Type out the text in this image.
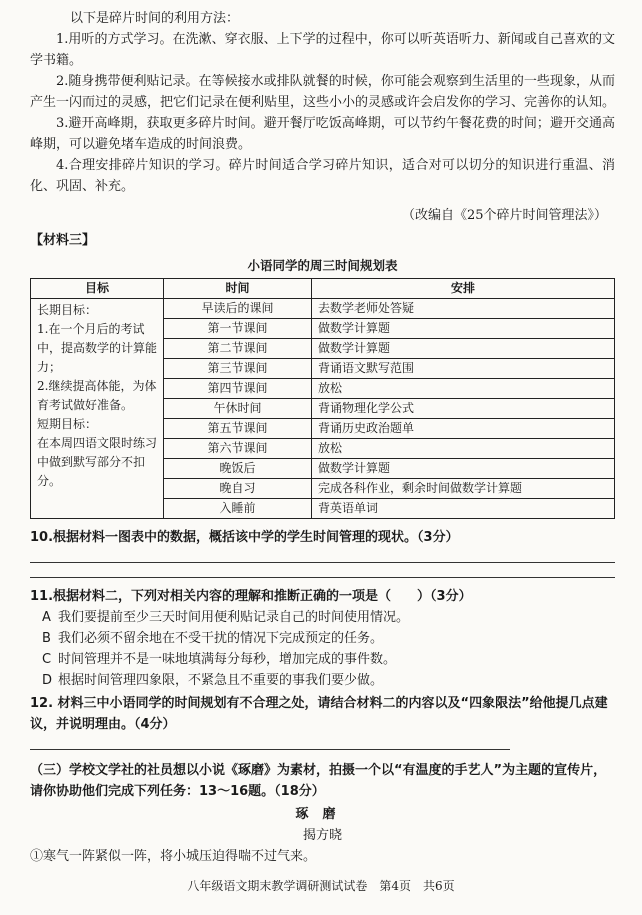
以下是碎片时间的利用方法：

1.用听的方式学习。在洗漱、穿衣服、上下学的过程中，你可以听英语听力、新闻或自己喜欢的文学书籍。

2.随身携带便利贴记录。在等候接水或排队就餐的时候，你可能会观察到生活里的一些现象，从而产生一闪而过的灵感，把它们记录在便利贴里，这些小小的灵感或许会启发你的学习、完善你的认知。

3.避开高峰期，获取更多碎片时间。避开餐厅吃饭高峰期，可以节约午餐花费的时间；避开交通高峰期，可以避免堵车造成的时间浪费。

4.合理安排碎片知识的学习。碎片时间适合学习碎片知识，适合对可以切分的知识进行重温、消化、巩固、补充。

（改编自《25个碎片时间管理法》）

【材料三】

小语同学的周三时间规划表

目标	时间	安排

长期目标：
1.在一个月后的考试中，提高数学的计算能力；
2.继续提高体能，为体育考试做好准备。
短期目标：
在本周四语文限时练习中做到默写部分不扣分。	早读后的课间	去数学老师处答疑
	第一节课间	做数学计算题
	第二节课间	做数学计算题
	第三节课间	背诵语文默写范围
	第四节课间	放松
	午休时间	背诵物理化学公式
	第五节课间	背诵历史政治题单
	第六节课间	放松
	晚饭后	做数学计算题
	晚自习	完成各科作业，剩余时间做数学计算题
	入睡前	背英语单词

10.根据材料一图表中的数据，概括该中学的学生时间管理的现状。（3分）

11.根据材料二，下列对相关内容的理解和推断正确的一项是（　　）（3分）

A 我们要提前至少三天时间用便利贴记录自己的时间使用情况。

B 我们必须不留余地在不受干扰的情况下完成预定的任务。

C 时间管理并不是一味地填满每分每秒，增加完成的事件数。

D 根据时间管理四象限，不紧急且不重要的事我们要少做。

12. 材料三中小语同学的时间规划有不合理之处，请结合材料二的内容以及“四象限法”给他提几点建议，并说明理由。（4分）

（三）学校文学社的社员想以小说《琢磨》为素材，拍摄一个以“有温度的手艺人”为主题的宣传片，请你协助他们完成下列任务：13～16题。（18分）

琢磨

揭方晓

①寒气一阵紧似一阵，将小城压迫得喘不过气来。

八年级语文期末教学调研测试试卷　第4页　共6页
